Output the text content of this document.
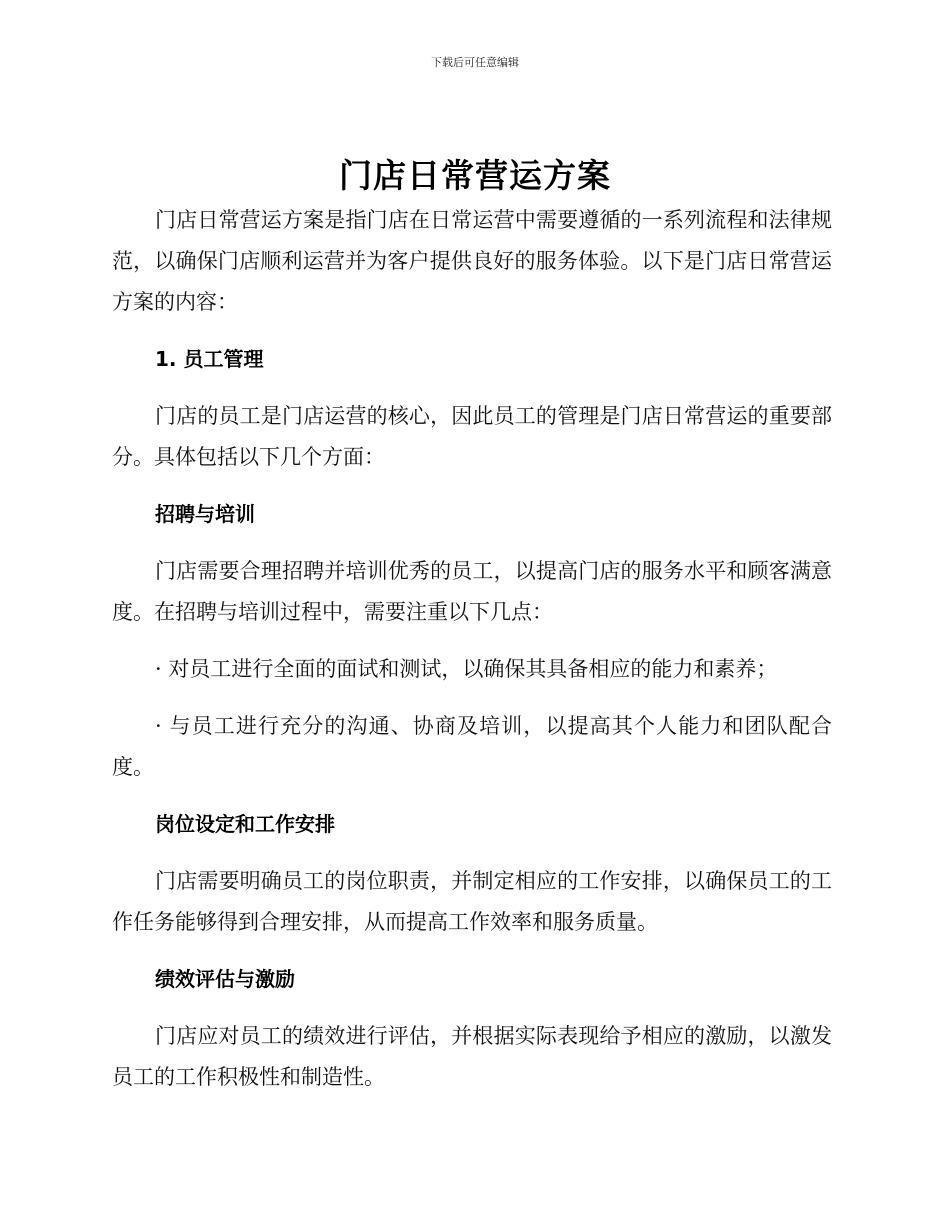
下载后可任意编辑
门店日常营运方案

门店日常营运方案是指门店在日常运营中需要遵循的一系列流程和法律规范，以确保门店顺利运营并为客户提供良好的服务体验。以下是门店日常营运方案的内容：

1. 员工管理

门店的员工是门店运营的核心，因此员工的管理是门店日常营运的重要部分。具体包括以下几个方面：

招聘与培训

门店需要合理招聘并培训优秀的员工，以提高门店的服务水平和顾客满意度。在招聘与培训过程中，需要注重以下几点：

· 对员工进行全面的面试和测试，以确保其具备相应的能力和素养；

· 与员工进行充分的沟通、协商及培训，以提高其个人能力和团队配合度。

岗位设定和工作安排

门店需要明确员工的岗位职责，并制定相应的工作安排，以确保员工的工作任务能够得到合理安排，从而提高工作效率和服务质量。

绩效评估与激励

门店应对员工的绩效进行评估，并根据实际表现给予相应的激励，以激发员工的工作积极性和制造性。
